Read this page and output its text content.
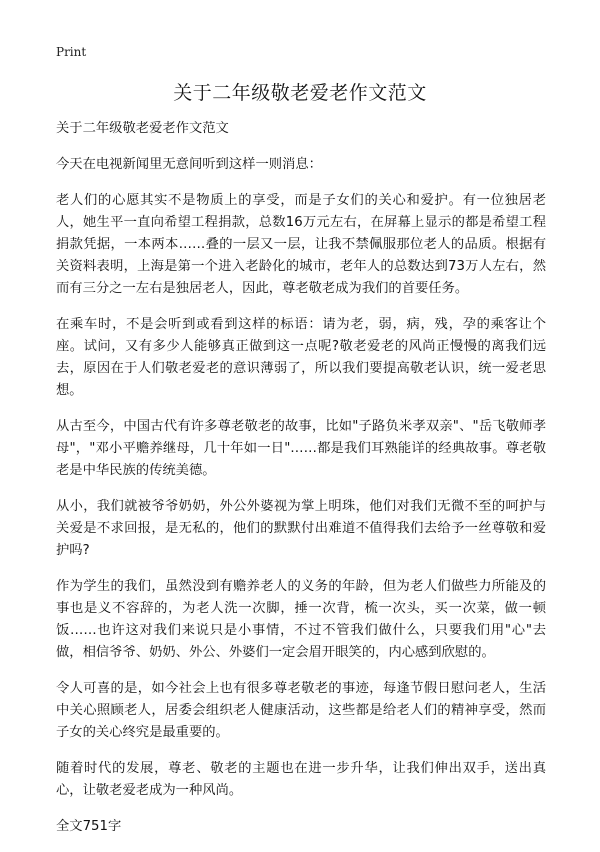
Print
关于二年级敬老爱老作文范文

关于二年级敬老爱老作文范文

今天在电视新闻里无意间听到这样一则消息：

老人们的心愿其实不是物质上的享受，而是子女们的关心和爱护。有一位独居老人，她生平一直向希望工程捐款，总数16万元左右，在屏幕上显示的都是希望工程捐款凭据，一本两本……叠的一层又一层，让我不禁佩服那位老人的品质。根据有关资料表明，上海是第一个进入老龄化的城市，老年人的总数达到73万人左右，然而有三分之一左右是独居老人，因此，尊老敬老成为我们的首要任务。

在乘车时，不是会听到或看到这样的标语：请为老，弱，病，残，孕的乘客让个座。试问，又有多少人能够真正做到这一点呢?敬老爱老的风尚正慢慢的离我们远去，原因在于人们敬老爱老的意识薄弱了，所以我们要提高敬老认识，统一爱老思想。

从古至今，中国古代有许多尊老敬老的故事，比如"子路负米孝双亲"、"岳飞敬师孝母"，"邓小平赡养继母，几十年如一日"……都是我们耳熟能详的经典故事。尊老敬老是中华民族的传统美德。

从小，我们就被爷爷奶奶，外公外婆视为掌上明珠，他们对我们无微不至的呵护与关爱是不求回报，是无私的，他们的默默付出难道不值得我们去给予一丝尊敬和爱护吗?

作为学生的我们，虽然没到有赡养老人的义务的年龄，但为老人们做些力所能及的事也是义不容辞的，为老人洗一次脚，捶一次背，梳一次头，买一次菜，做一顿饭……也许这对我们来说只是小事情，不过不管我们做什么，只要我们用"心"去做，相信爷爷、奶奶、外公、外婆们一定会眉开眼笑的，内心感到欣慰的。

令人可喜的是，如今社会上也有很多尊老敬老的事迹，每逢节假日慰问老人，生活中关心照顾老人，居委会组织老人健康活动，这些都是给老人们的精神享受，然而子女的关心终究是最重要的。

随着时代的发展，尊老、敬老的主题也在进一步升华，让我们伸出双手，送出真心，让敬老爱老成为一种风尚。

全文751字
